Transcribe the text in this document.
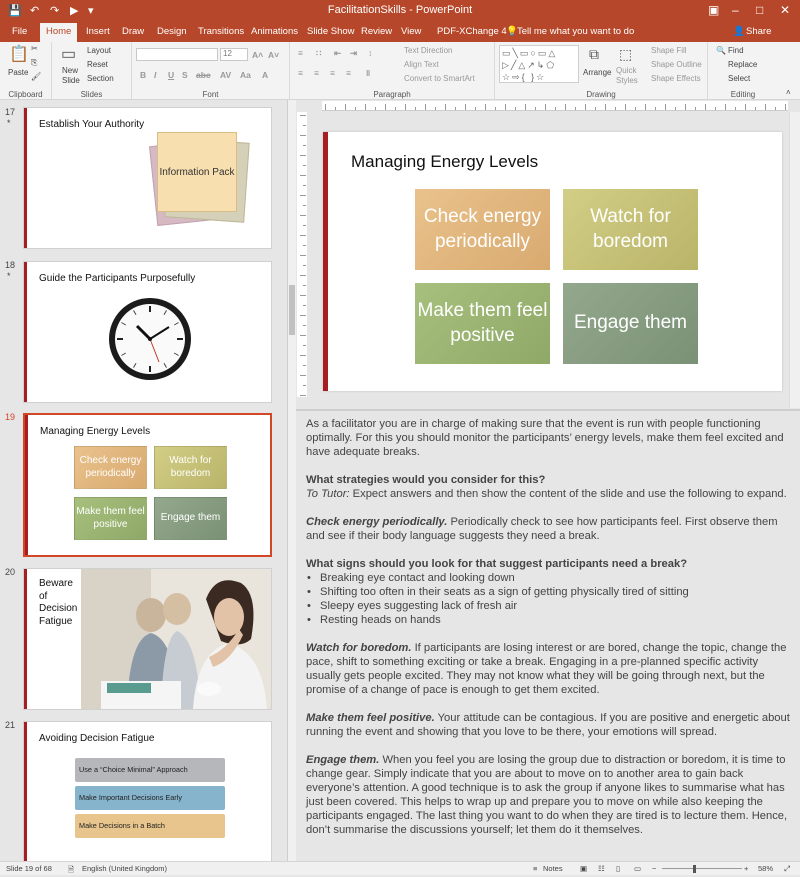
💾 ↶ ↷ ▶ ▾	FacilitationSkills - PowerPoint	▣ – □ ✕
File	Home	Insert Draw Design Transitions Animations Slide Show Review View PDF-XChange 4 💡 Tell me what you want to do	👤 Share
📋
Paste
✂
⎘
🖌
Clipboard
▭
New Slide
Layout
Reset
Section
Slides
12	A˄ A˅
B I U S abc AV Aa A
Font
≡ ∷ ⇤ ⇥ ↕
≡ ≡ ≡ ≡ ‖
Text Direction
Align Text
Convert to SmartArt
Paragraph
▭╲▭○▭△
▷╱△↗↳⬠
☆⇨{ }☆
⧉
Arrange
⬚
Quick Styles
Shape Fill
Shape Outline
Shape Effects
Drawing
🔍 Find
Replace
Select
Editing	˄
17
*	Establish Your Authority
Information Pack
18
*	Guide the Participants Purposefully
19
Managing Energy Levels
Check energy periodically
Watch for boredom
Make them feel positive
Engage them
20
Beware of Decision Fatigue
21
Avoiding Decision Fatigue
Use a “Choice Minimal” Approach
Make Important Decisions Early
Make Decisions in a Batch
Managing Energy Levels
Check energy periodically
Watch for boredom
Make them feel positive
Engage them

As a facilitator you are in charge of making sure that the event is run with people functioning optimally. For this you should monitor the participants’ energy levels, make them feel excited and have adequate breaks.

What strategies would you consider for this?
To Tutor: Expect answers and then show the content of the slide and use the following to expand.

Check energy periodically. Periodically check to see how participants feel. First observe them and see if their body language suggests they need a break.

What signs should you look for that suggest participants need a break?
• Breaking eye contact and looking down
• Shifting too often in their seats as a sign of getting physically tired of sitting
• Sleepy eyes suggesting lack of fresh air
• Resting heads on hands

Watch for boredom. If participants are losing interest or are bored, change the topic, change the pace, shift to something exciting or take a break. Engaging in a pre-planned specific activity usually gets people excited. They may not know what they will be going through next, but the promise of a change of pace is enough to get them excited.

Make them feel positive. Your attitude can be contagious. If you are positive and energetic about running the event and showing that you love to be there, your emotions will spread.

Engage them. When you feel you are losing the group due to distraction or boredom, it is time to change gear. Simply indicate that you are about to move on to another area to gain back everyone’s attention. A good technique is to ask the group if anyone likes to summarise what has just been covered. This helps to wrap up and prepare you to move on while also keeping the participants engaged. The last thing you want to do when they are tired is to lecture them. Hence, don’t summarise the discussions yourself; let them do it themselves.

Slide 19 of 68 🗎 English (United Kingdom)	≡ Notes ▣ ☷ ▯ ▭ −	+ 58% ⤢
